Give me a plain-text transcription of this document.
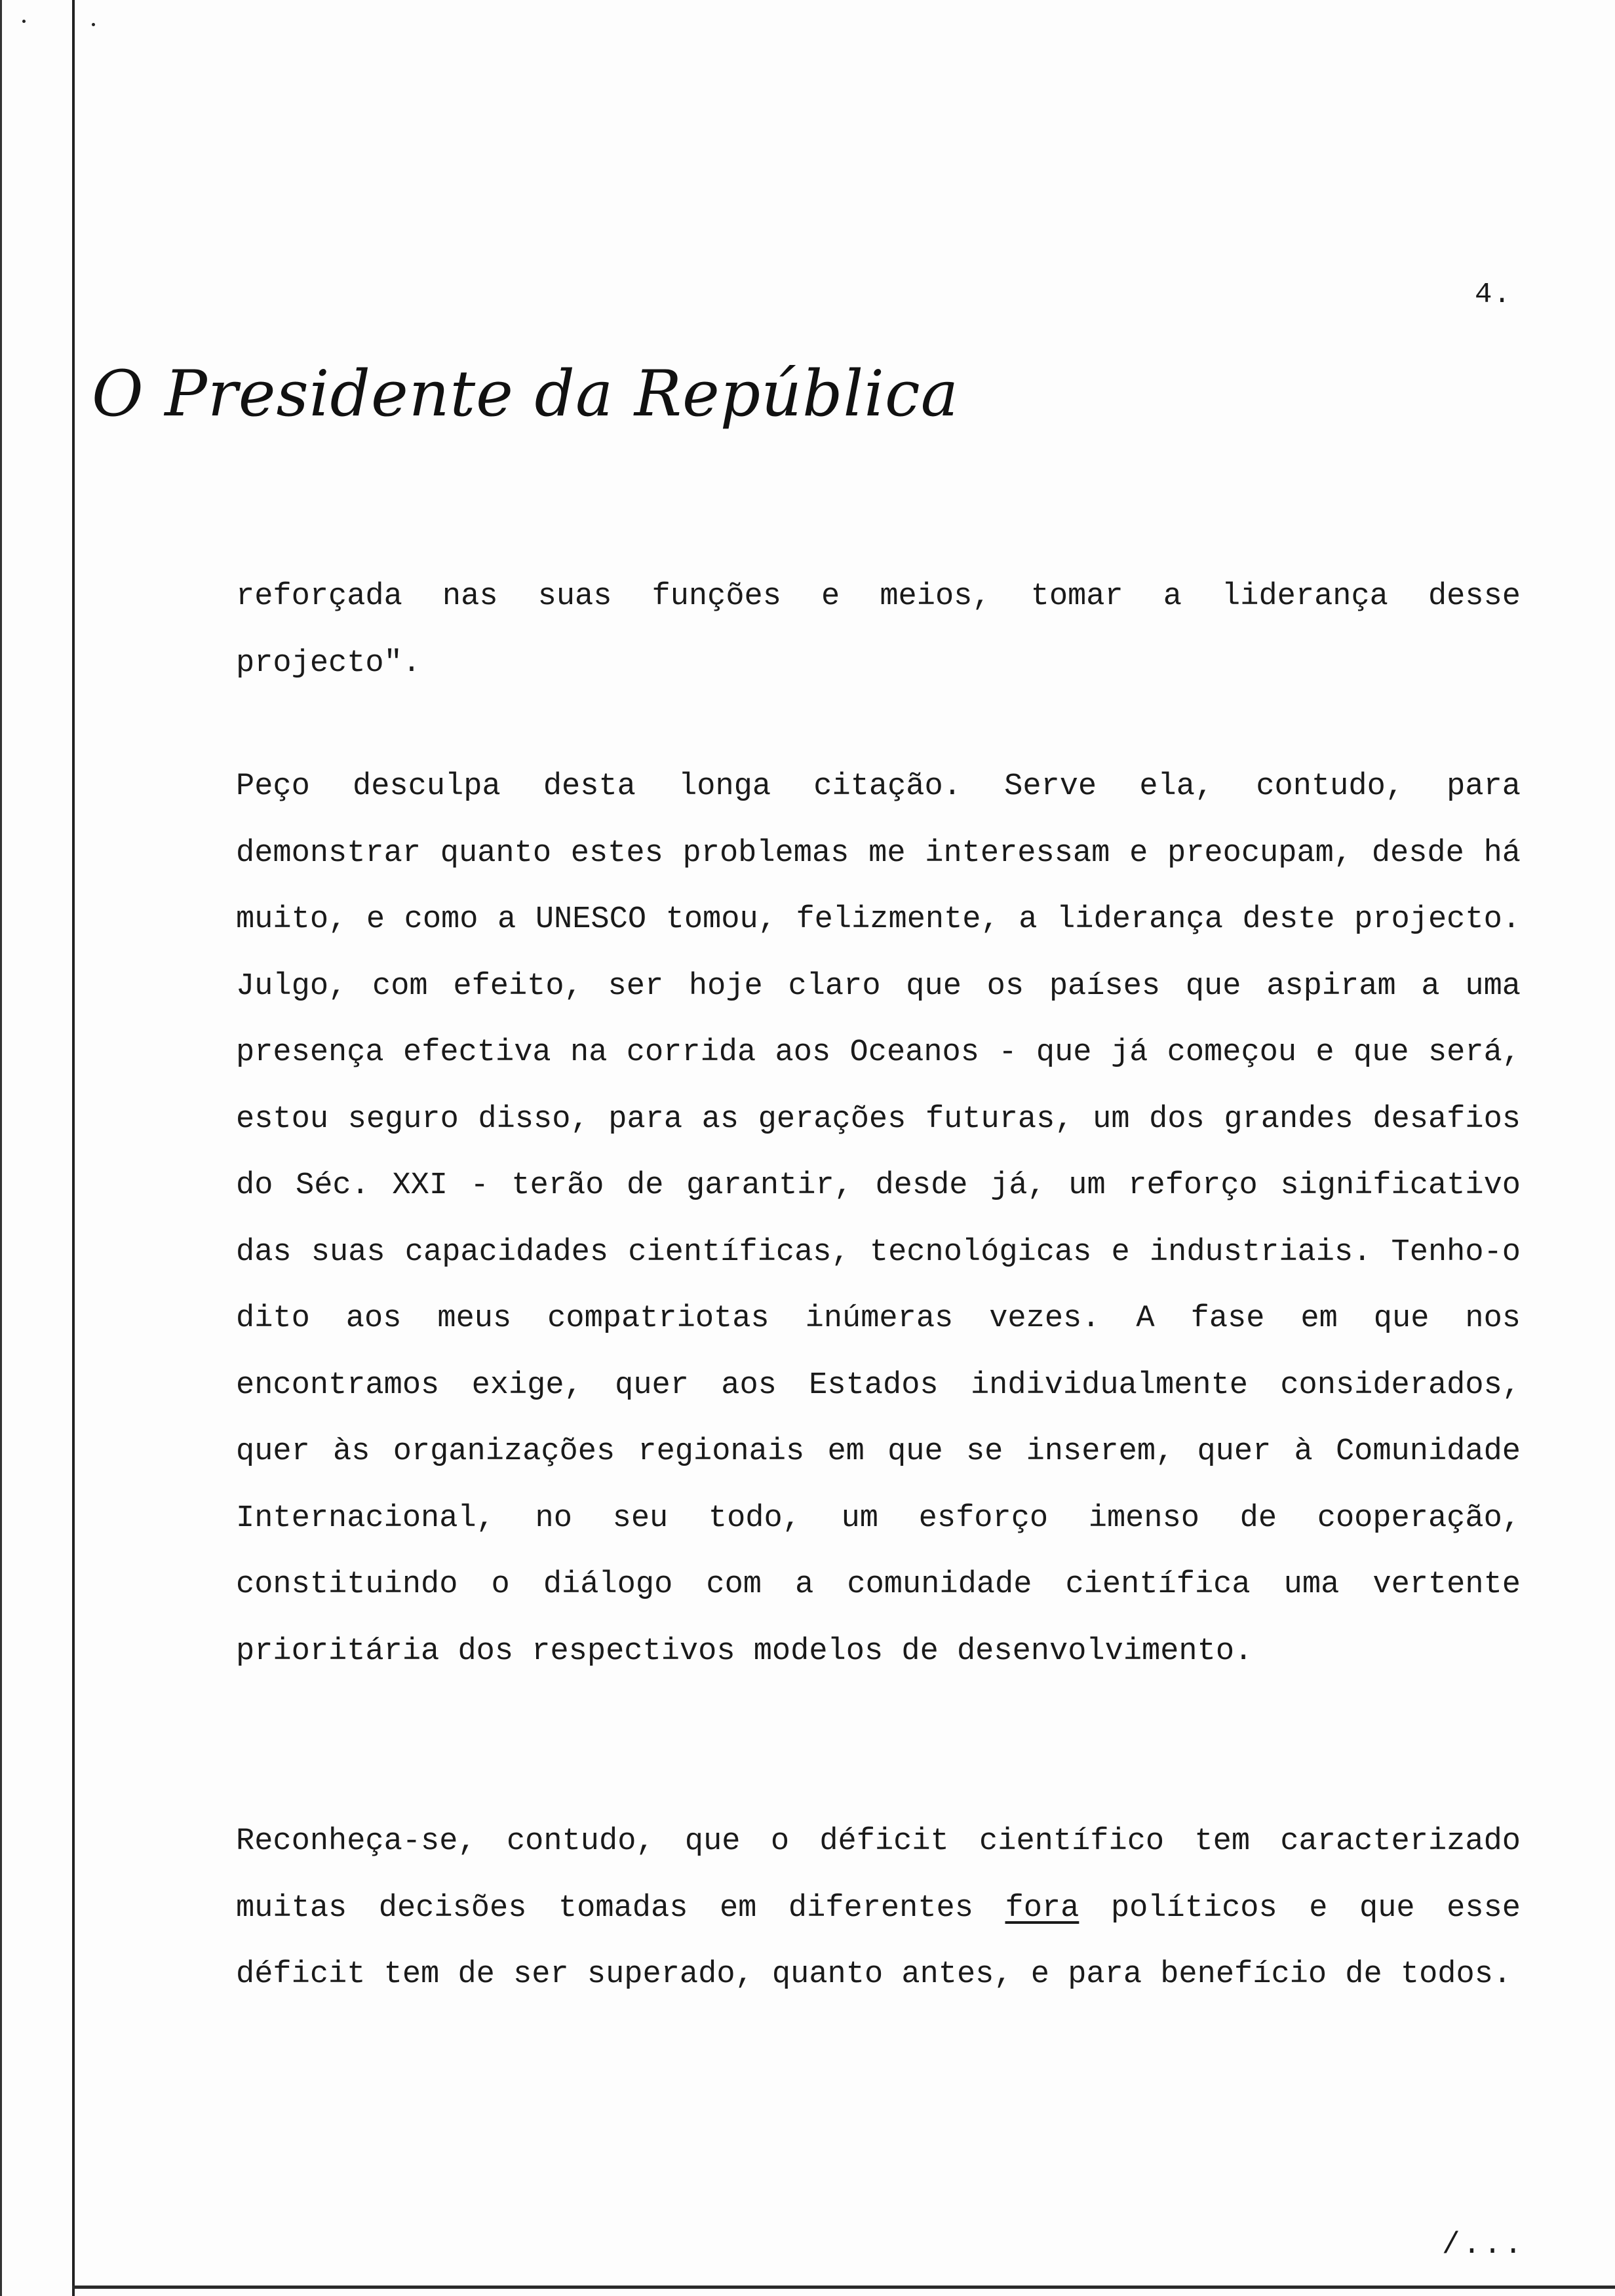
4.
O Presidente da República

reforçada nas suas funções e meios, tomar a liderança desse projecto".

Peço desculpa desta longa citação. Serve ela, contudo, para demonstrar quanto estes problemas me interessam e preocupam, desde há muito, e como a UNESCO tomou, felizmente, a liderança deste projecto. Julgo, com efeito, ser hoje claro que os países que aspiram a uma presença efectiva na corrida aos Oceanos - que já começou e que será, estou seguro disso, para as gerações futuras, um dos grandes desafios do Séc. XXI - terão de garantir, desde já, um reforço significativo das suas capacidades científicas, tecnológicas e industriais. Tenho-o dito aos meus compatriotas inúmeras vezes. A fase em que nos encontramos exige, quer aos Estados individualmente considerados, quer às organizações regionais em que se inserem, quer à Comunidade Internacional, no seu todo, um esforço imenso de cooperação, constituindo o diálogo com a comunidade científica uma vertente prioritária dos respectivos modelos de desenvolvimento.

Reconheça-se, contudo, que o déficit científico tem caracterizado muitas decisões tomadas em diferentes fora políticos e que esse déficit tem de ser superado, quanto antes, e para benefício de todos.

/...
